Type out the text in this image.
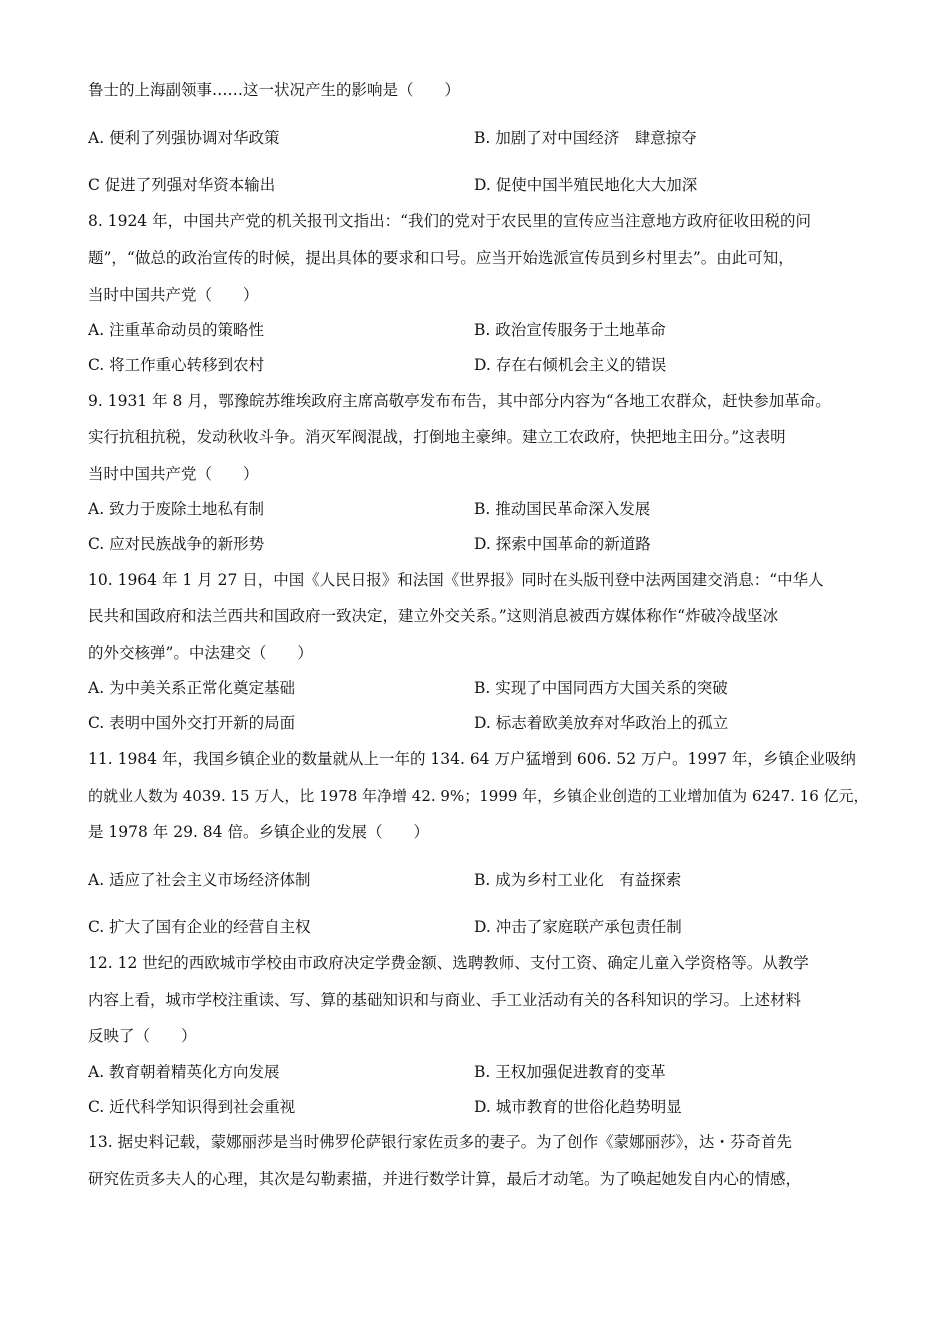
鲁士的上海副领事……这一状况产生的影响是（　　）
A. 便利了列强协调对华政策	B. 加剧了对中国经济　肆意掠夺
C 促进了列强对华资本输出	D. 促使中国半殖民地化大大加深
8. 1924 年，中国共产党的机关报刊文指出：“我们的党对于农民里的宣传应当注意地方政府征收田税的问
题”，“做总的政治宣传的时候，提出具体的要求和口号。应当开始选派宣传员到乡村里去”。由此可知，
当时中国共产党（　　）
A. 注重革命动员的策略性	B. 政治宣传服务于土地革命
C. 将工作重心转移到农村	D. 存在右倾机会主义的错误
9. 1931 年 8 月，鄂豫皖苏维埃政府主席高敬亭发布布告，其中部分内容为“各地工农群众，赶快参加革命。
实行抗租抗税，发动秋收斗争。消灭军阀混战，打倒地主豪绅。建立工农政府，快把地主田分。”这表明
当时中国共产党（　　）
A. 致力于废除土地私有制	B. 推动国民革命深入发展
C. 应对民族战争的新形势	D. 探索中国革命的新道路
10. 1964 年 1 月 27 日，中国《人民日报》和法国《世界报》同时在头版刊登中法两国建交消息：“中华人
民共和国政府和法兰西共和国政府一致决定，建立外交关系。”这则消息被西方媒体称作“炸破冷战坚冰
的外交核弹”。中法建交（　　）
A. 为中美关系正常化奠定基础	B. 实现了中国同西方大国关系的突破
C. 表明中国外交打开新的局面	D. 标志着欧美放弃对华政治上的孤立
11. 1984 年，我国乡镇企业的数量就从上一年的 134. 64 万户猛增到 606. 52 万户。1997 年，乡镇企业吸纳
的就业人数为 4039. 15 万人，比 1978 年净增 42. 9%；1999 年，乡镇企业创造的工业增加值为 6247. 16 亿元，
是 1978 年 29. 84 倍。乡镇企业的发展（　　）
A. 适应了社会主义市场经济体制	B. 成为乡村工业化　有益探索
C. 扩大了国有企业的经营自主权	D. 冲击了家庭联产承包责任制
12. 12 世纪的西欧城市学校由市政府决定学费金额、选聘教师、支付工资、确定儿童入学资格等。从教学
内容上看，城市学校注重读、写、算的基础知识和与商业、手工业活动有关的各科知识的学习。上述材料
反映了（　　）
A. 教育朝着精英化方向发展	B. 王权加强促进教育的变革
C. 近代科学知识得到社会重视	D. 城市教育的世俗化趋势明显
13. 据史料记载，蒙娜丽莎是当时佛罗伦萨银行家佐贡多的妻子。为了创作《蒙娜丽莎》，达・芬奇首先
研究佐贡多夫人的心理，其次是勾勒素描，并进行数学计算，最后才动笔。为了唤起她发自内心的情感，
